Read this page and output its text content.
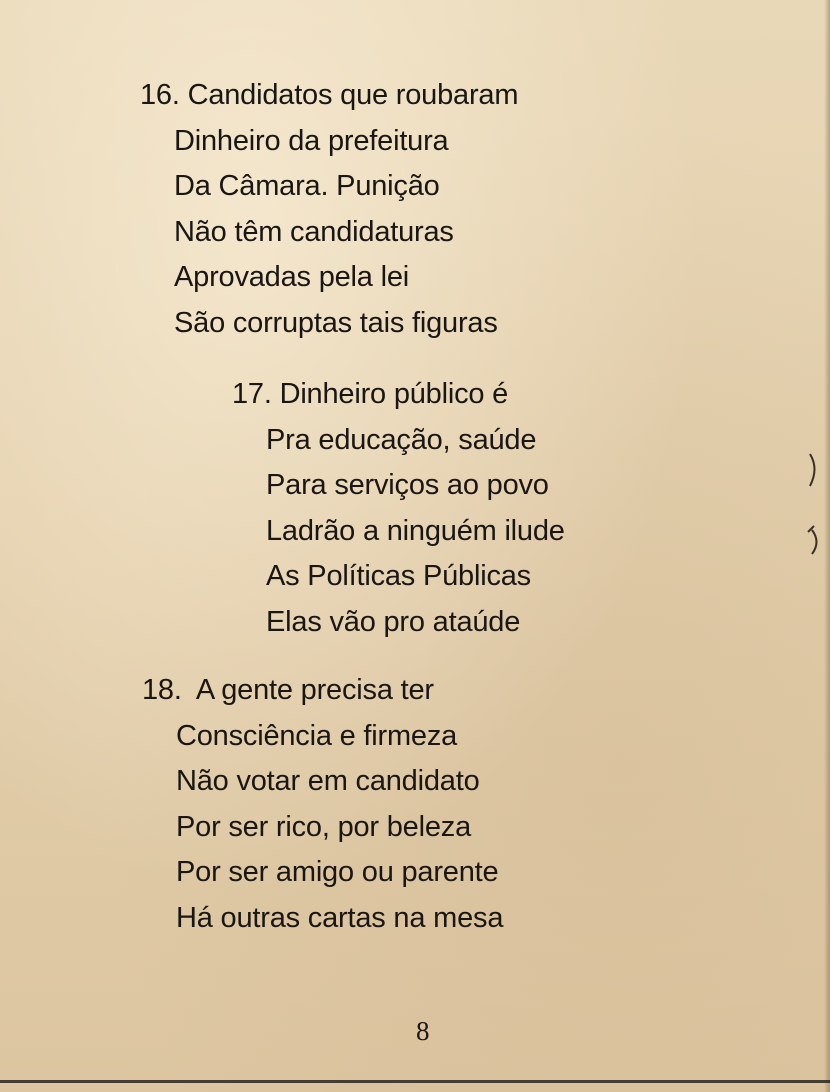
16. Candidatos que roubaram
Dinheiro da prefeitura
Da Câmara. Punição
Não têm candidaturas
Aprovadas pela lei
São corruptas tais figuras
17. Dinheiro público é
Pra educação, saúde
Para serviços ao povo
Ladrão a ninguém ilude
As Políticas Públicas
Elas vão pro ataúde
18.  A gente precisa ter
Consciência e firmeza
Não votar em candidato
Por ser rico, por beleza
Por ser amigo ou parente
Há outras cartas na mesa
8
